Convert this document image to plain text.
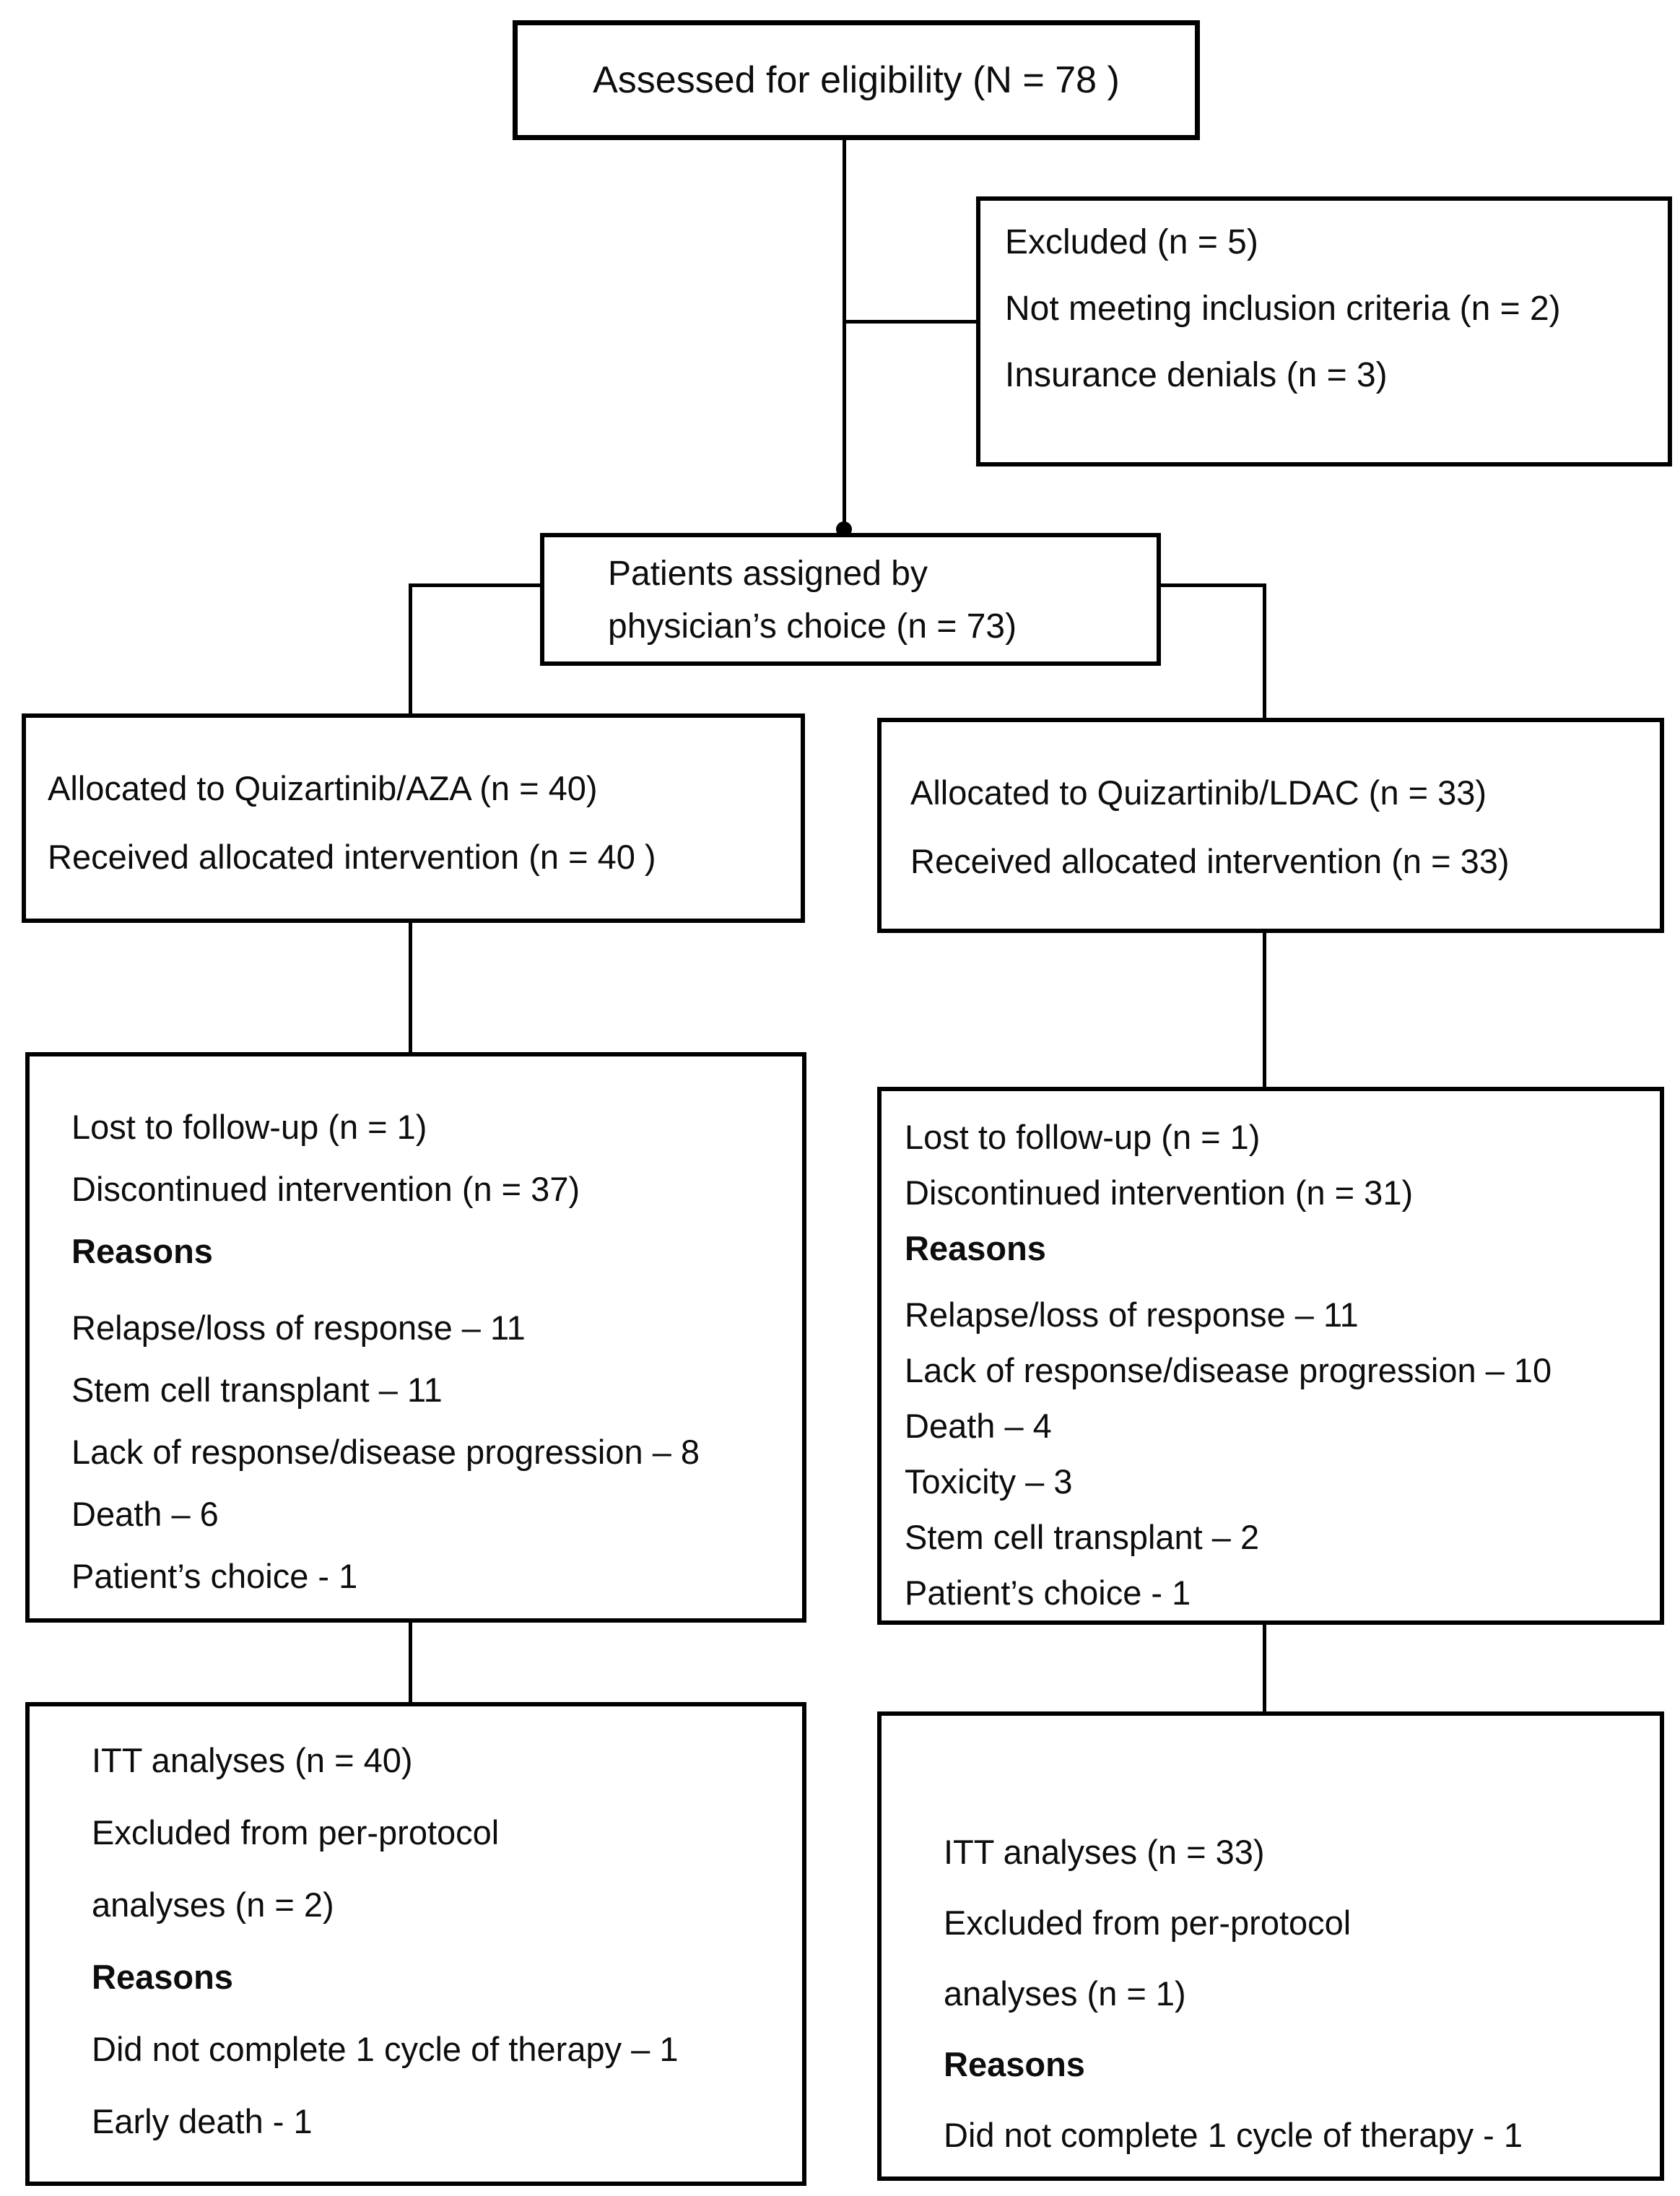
Assessed for eligibility (N = 78 )
Excluded (n = 5)
Not meeting inclusion criteria (n = 2)
Insurance denials (n = 3)
Patients assigned by
physician’s choice (n = 73)
Allocated to Quizartinib/AZA (n = 40)
Received allocated intervention (n = 40 )
Allocated to Quizartinib/LDAC (n = 33)
Received allocated intervention (n = 33)
Lost to follow-up (n = 1)
Discontinued intervention (n = 37)
Reasons
Relapse/loss of response – 11
Stem cell transplant – 11
Lack of response/disease progression – 8
Death – 6
Patient’s choice - 1
Lost to follow-up (n = 1)
Discontinued intervention (n = 31)
Reasons
Relapse/loss of response – 11
Lack of response/disease progression – 10
Death – 4
Toxicity – 3
Stem cell transplant – 2
Patient’s choice - 1
ITT analyses (n = 40)
Excluded from per-protocol
analyses (n = 2)
Reasons
Did not complete 1 cycle of therapy – 1
Early death - 1
ITT analyses (n = 33)
Excluded from per-protocol
analyses (n = 1)
Reasons
Did not complete 1 cycle of therapy - 1
